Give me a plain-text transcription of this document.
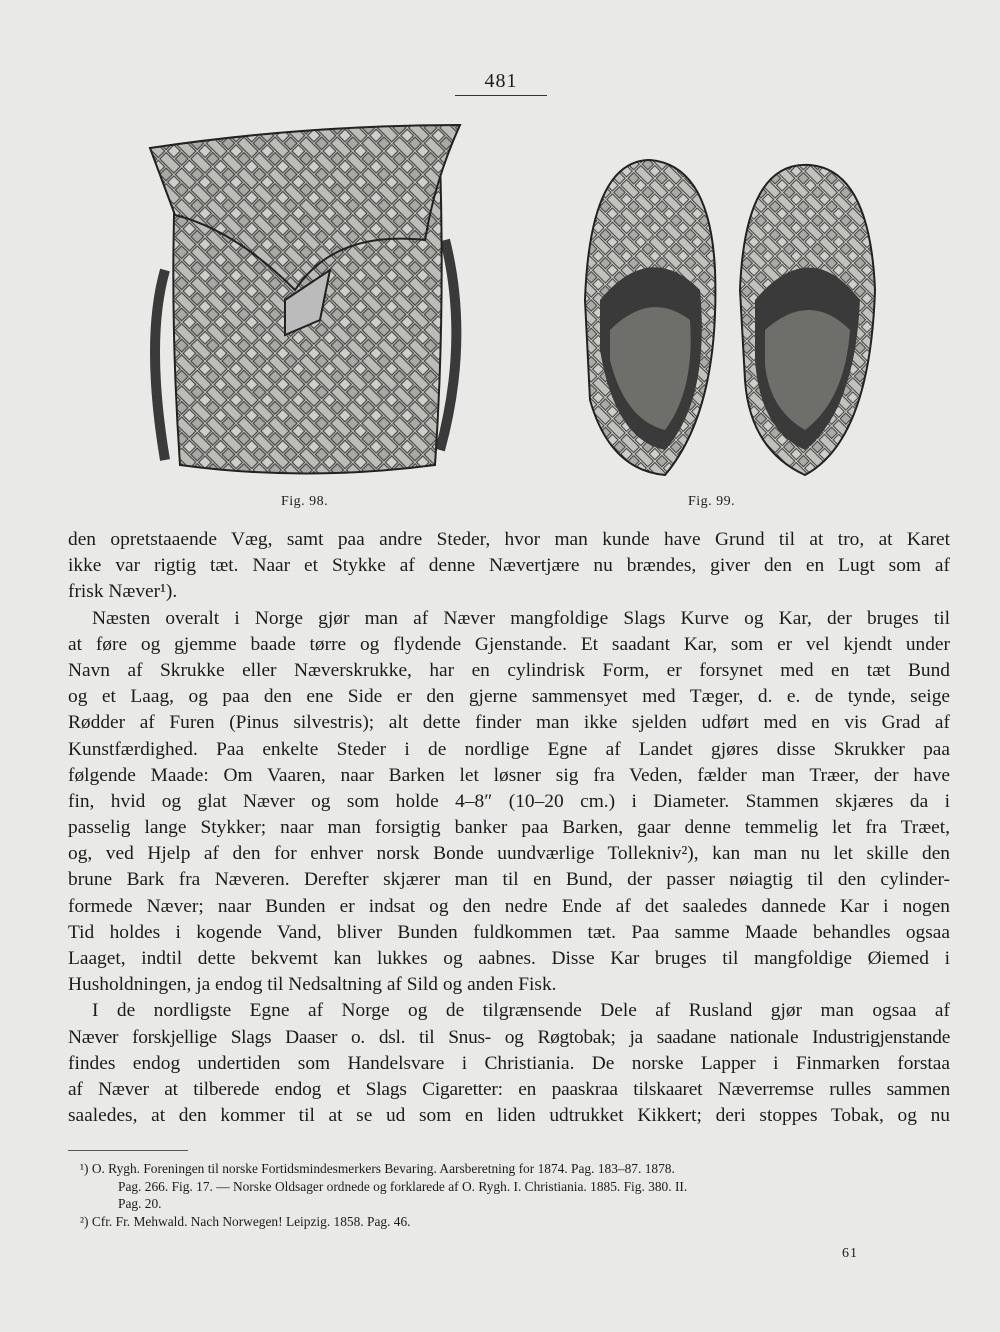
481
Fig. 98.	Fig. 99.
den opretstaaende Væg, samt paa andre Steder, hvor man kunde have Grund til at tro, at Karet
ikke var rigtig tæt. Naar et Stykke af denne Nævertjære nu brændes, giver den en Lugt som af
frisk Næver¹).
Næsten overalt i Norge gjør man af Næver mangfoldige Slags Kurve og Kar, der bruges til
at føre og gjemme baade tørre og flydende Gjenstande. Et saadant Kar, som er vel kjendt under
Navn af Skrukke eller Næverskrukke, har en cylindrisk Form, er forsynet med en tæt Bund
og et Laag, og paa den ene Side er den gjerne sammensyet med Tæger, d. e. de tynde, seige
Rødder af Furen (Pinus silvestris); alt dette finder man ikke sjelden udført med en vis Grad af
Kunstfærdighed. Paa enkelte Steder i de nordlige Egne af Landet gjøres disse Skrukker paa
følgende Maade: Om Vaaren, naar Barken let løsner sig fra Veden, fælder man Træer, der have
fin, hvid og glat Næver og som holde 4–8″ (10–20 cm.) i Diameter. Stammen skjæres da i
passelig lange Stykker; naar man forsigtig banker paa Barken, gaar denne temmelig let fra Træet,
og, ved Hjelp af den for enhver norsk Bonde uundværlige Tollekniv²), kan man nu let skille den
brune Bark fra Næveren. Derefter skjærer man til en Bund, der passer nøiagtig til den cylinder-
formede Næver; naar Bunden er indsat og den nedre Ende af det saaledes dannede Kar i nogen
Tid holdes i kogende Vand, bliver Bunden fuldkommen tæt. Paa samme Maade behandles ogsaa
Laaget, indtil dette bekvemt kan lukkes og aabnes. Disse Kar bruges til mangfoldige Øiemed i
Husholdningen, ja endog til Nedsaltning af Sild og anden Fisk.
I de nordligste Egne af Norge og de tilgrænsende Dele af Rusland gjør man ogsaa af
Næver forskjellige Slags Daaser o. dsl. til Snus- og Røgtobak; ja saadane nationale Industrigjenstande
findes endog undertiden som Handelsvare i Christiania. De norske Lapper i Finmarken forstaa
af Næver at tilberede endog et Slags Cigaretter: en paaskraa tilskaaret Næverremse rulles sammen
saaledes, at den kommer til at se ud som en liden udtrukket Kikkert; deri stoppes Tobak, og nu
¹) O. Rygh. Foreningen til norske Fortidsmindesmerkers Bevaring. Aarsberetning for 1874. Pag. 183–87. 1878.
Pag. 266. Fig. 17. — Norske Oldsager ordnede og forklarede af O. Rygh. I. Christiania. 1885. Fig. 380. II.
Pag. 20.
²) Cfr. Fr. Mehwald. Nach Norwegen! Leipzig. 1858. Pag. 46.
61
